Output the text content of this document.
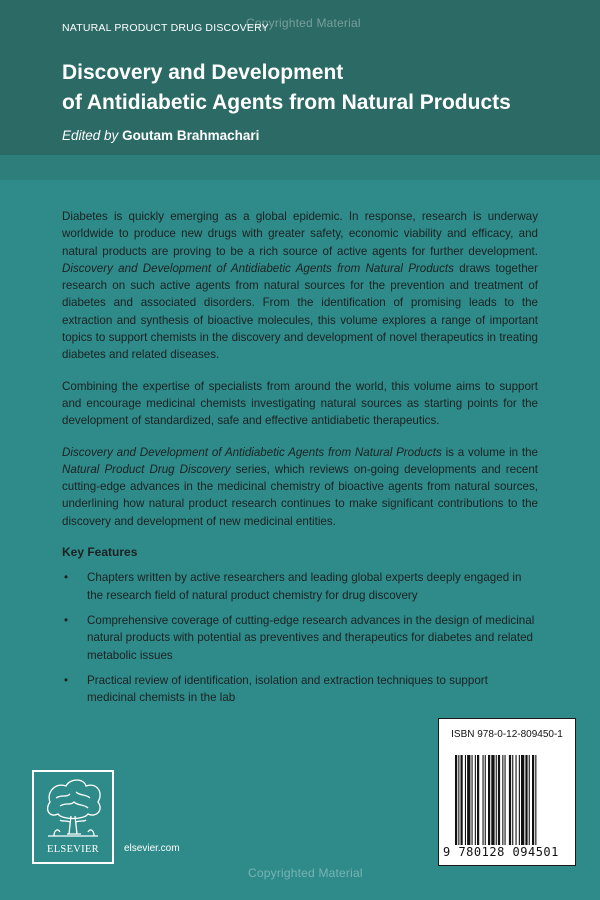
NATURAL PRODUCT DRUG DISCOVERY
Copyrighted Material
Discovery and Development
of Antidiabetic Agents from Natural Products
Edited by Goutam Brahmachari

Diabetes is quickly emerging as a global epidemic. In response, research is underway worldwide to produce new drugs with greater safety, economic viability and efficacy, and natural products are proving to be a rich source of active agents for further development. Discovery and Development of Antidiabetic Agents from Natural Products draws together research on such active agents from natural sources for the prevention and treatment of diabetes and associated disorders. From the identification of promising leads to the extraction and synthesis of bioactive molecules, this volume explores a range of important topics to support chemists in the discovery and development of novel therapeutics in treating diabetes and related diseases.

Combining the expertise of specialists from around the world, this volume aims to support and encourage medicinal chemists investigating natural sources as starting points for the development of standardized, safe and effective antidiabetic therapeutics.

Discovery and Development of Antidiabetic Agents from Natural Products is a volume in the Natural Product Drug Discovery series, which reviews on-going developments and recent cutting-edge advances in the medicinal chemistry of bioactive agents from natural sources, underlining how natural product research continues to make significant contributions to the discovery and development of new medicinal entities.

Key Features
• Chapters written by active researchers and leading global experts deeply engaged in the research field of natural product chemistry for drug discovery
• Comprehensive coverage of cutting-edge research advances in the design of medicinal natural products with potential as preventives and therapeutics for diabetes and related metabolic issues
• Practical review of identification, isolation and extraction techniques to support medicinal chemists in the lab
ELSEVIER	elsevier.com
ISBN 978-0-12-809450-1
9 780128 094501
Copyrighted Material
